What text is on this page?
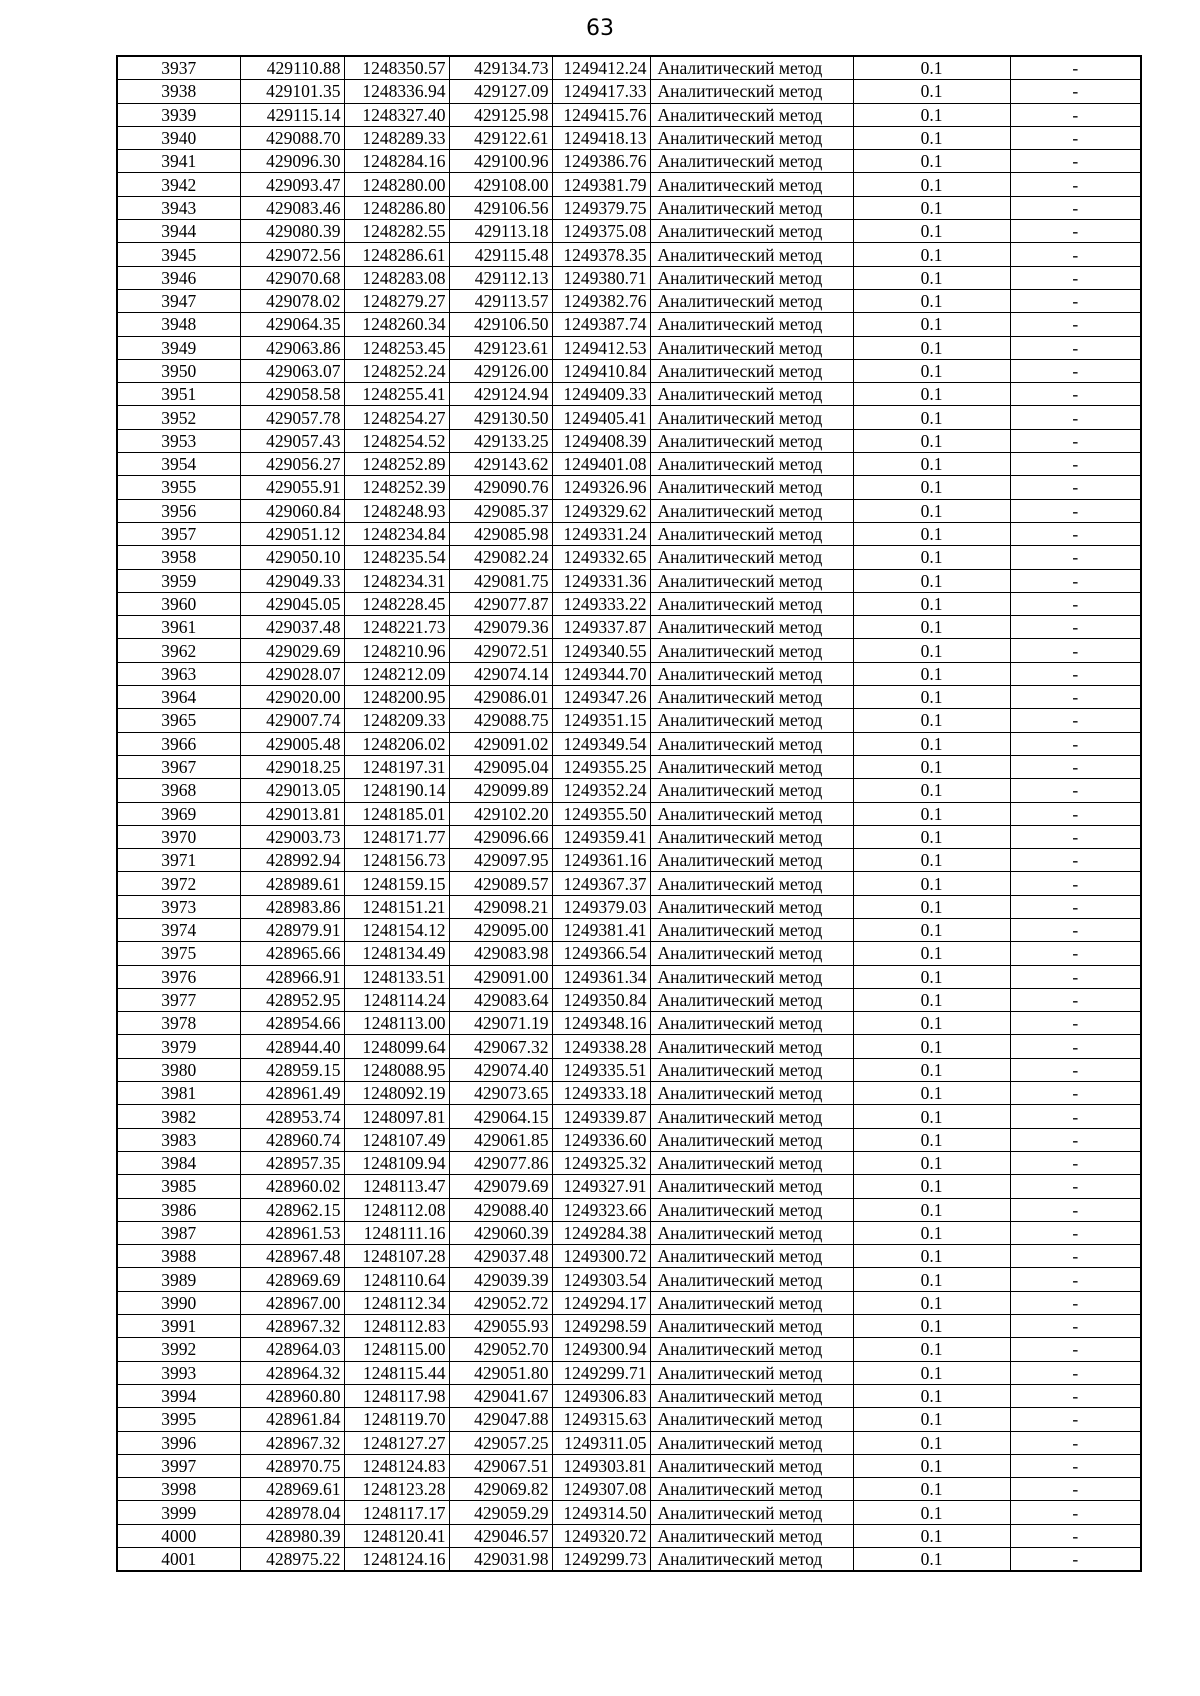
63
3937	429110.88	1248350.57	429134.73	1249412.24	Аналитический метод	0.1	-
3938	429101.35	1248336.94	429127.09	1249417.33	Аналитический метод	0.1	-
3939	429115.14	1248327.40	429125.98	1249415.76	Аналитический метод	0.1	-
3940	429088.70	1248289.33	429122.61	1249418.13	Аналитический метод	0.1	-
3941	429096.30	1248284.16	429100.96	1249386.76	Аналитический метод	0.1	-
3942	429093.47	1248280.00	429108.00	1249381.79	Аналитический метод	0.1	-
3943	429083.46	1248286.80	429106.56	1249379.75	Аналитический метод	0.1	-
3944	429080.39	1248282.55	429113.18	1249375.08	Аналитический метод	0.1	-
3945	429072.56	1248286.61	429115.48	1249378.35	Аналитический метод	0.1	-
3946	429070.68	1248283.08	429112.13	1249380.71	Аналитический метод	0.1	-
3947	429078.02	1248279.27	429113.57	1249382.76	Аналитический метод	0.1	-
3948	429064.35	1248260.34	429106.50	1249387.74	Аналитический метод	0.1	-
3949	429063.86	1248253.45	429123.61	1249412.53	Аналитический метод	0.1	-
3950	429063.07	1248252.24	429126.00	1249410.84	Аналитический метод	0.1	-
3951	429058.58	1248255.41	429124.94	1249409.33	Аналитический метод	0.1	-
3952	429057.78	1248254.27	429130.50	1249405.41	Аналитический метод	0.1	-
3953	429057.43	1248254.52	429133.25	1249408.39	Аналитический метод	0.1	-
3954	429056.27	1248252.89	429143.62	1249401.08	Аналитический метод	0.1	-
3955	429055.91	1248252.39	429090.76	1249326.96	Аналитический метод	0.1	-
3956	429060.84	1248248.93	429085.37	1249329.62	Аналитический метод	0.1	-
3957	429051.12	1248234.84	429085.98	1249331.24	Аналитический метод	0.1	-
3958	429050.10	1248235.54	429082.24	1249332.65	Аналитический метод	0.1	-
3959	429049.33	1248234.31	429081.75	1249331.36	Аналитический метод	0.1	-
3960	429045.05	1248228.45	429077.87	1249333.22	Аналитический метод	0.1	-
3961	429037.48	1248221.73	429079.36	1249337.87	Аналитический метод	0.1	-
3962	429029.69	1248210.96	429072.51	1249340.55	Аналитический метод	0.1	-
3963	429028.07	1248212.09	429074.14	1249344.70	Аналитический метод	0.1	-
3964	429020.00	1248200.95	429086.01	1249347.26	Аналитический метод	0.1	-
3965	429007.74	1248209.33	429088.75	1249351.15	Аналитический метод	0.1	-
3966	429005.48	1248206.02	429091.02	1249349.54	Аналитический метод	0.1	-
3967	429018.25	1248197.31	429095.04	1249355.25	Аналитический метод	0.1	-
3968	429013.05	1248190.14	429099.89	1249352.24	Аналитический метод	0.1	-
3969	429013.81	1248185.01	429102.20	1249355.50	Аналитический метод	0.1	-
3970	429003.73	1248171.77	429096.66	1249359.41	Аналитический метод	0.1	-
3971	428992.94	1248156.73	429097.95	1249361.16	Аналитический метод	0.1	-
3972	428989.61	1248159.15	429089.57	1249367.37	Аналитический метод	0.1	-
3973	428983.86	1248151.21	429098.21	1249379.03	Аналитический метод	0.1	-
3974	428979.91	1248154.12	429095.00	1249381.41	Аналитический метод	0.1	-
3975	428965.66	1248134.49	429083.98	1249366.54	Аналитический метод	0.1	-
3976	428966.91	1248133.51	429091.00	1249361.34	Аналитический метод	0.1	-
3977	428952.95	1248114.24	429083.64	1249350.84	Аналитический метод	0.1	-
3978	428954.66	1248113.00	429071.19	1249348.16	Аналитический метод	0.1	-
3979	428944.40	1248099.64	429067.32	1249338.28	Аналитический метод	0.1	-
3980	428959.15	1248088.95	429074.40	1249335.51	Аналитический метод	0.1	-
3981	428961.49	1248092.19	429073.65	1249333.18	Аналитический метод	0.1	-
3982	428953.74	1248097.81	429064.15	1249339.87	Аналитический метод	0.1	-
3983	428960.74	1248107.49	429061.85	1249336.60	Аналитический метод	0.1	-
3984	428957.35	1248109.94	429077.86	1249325.32	Аналитический метод	0.1	-
3985	428960.02	1248113.47	429079.69	1249327.91	Аналитический метод	0.1	-
3986	428962.15	1248112.08	429088.40	1249323.66	Аналитический метод	0.1	-
3987	428961.53	1248111.16	429060.39	1249284.38	Аналитический метод	0.1	-
3988	428967.48	1248107.28	429037.48	1249300.72	Аналитический метод	0.1	-
3989	428969.69	1248110.64	429039.39	1249303.54	Аналитический метод	0.1	-
3990	428967.00	1248112.34	429052.72	1249294.17	Аналитический метод	0.1	-
3991	428967.32	1248112.83	429055.93	1249298.59	Аналитический метод	0.1	-
3992	428964.03	1248115.00	429052.70	1249300.94	Аналитический метод	0.1	-
3993	428964.32	1248115.44	429051.80	1249299.71	Аналитический метод	0.1	-
3994	428960.80	1248117.98	429041.67	1249306.83	Аналитический метод	0.1	-
3995	428961.84	1248119.70	429047.88	1249315.63	Аналитический метод	0.1	-
3996	428967.32	1248127.27	429057.25	1249311.05	Аналитический метод	0.1	-
3997	428970.75	1248124.83	429067.51	1249303.81	Аналитический метод	0.1	-
3998	428969.61	1248123.28	429069.82	1249307.08	Аналитический метод	0.1	-
3999	428978.04	1248117.17	429059.29	1249314.50	Аналитический метод	0.1	-
4000	428980.39	1248120.41	429046.57	1249320.72	Аналитический метод	0.1	-
4001	428975.22	1248124.16	429031.98	1249299.73	Аналитический метод	0.1	-
